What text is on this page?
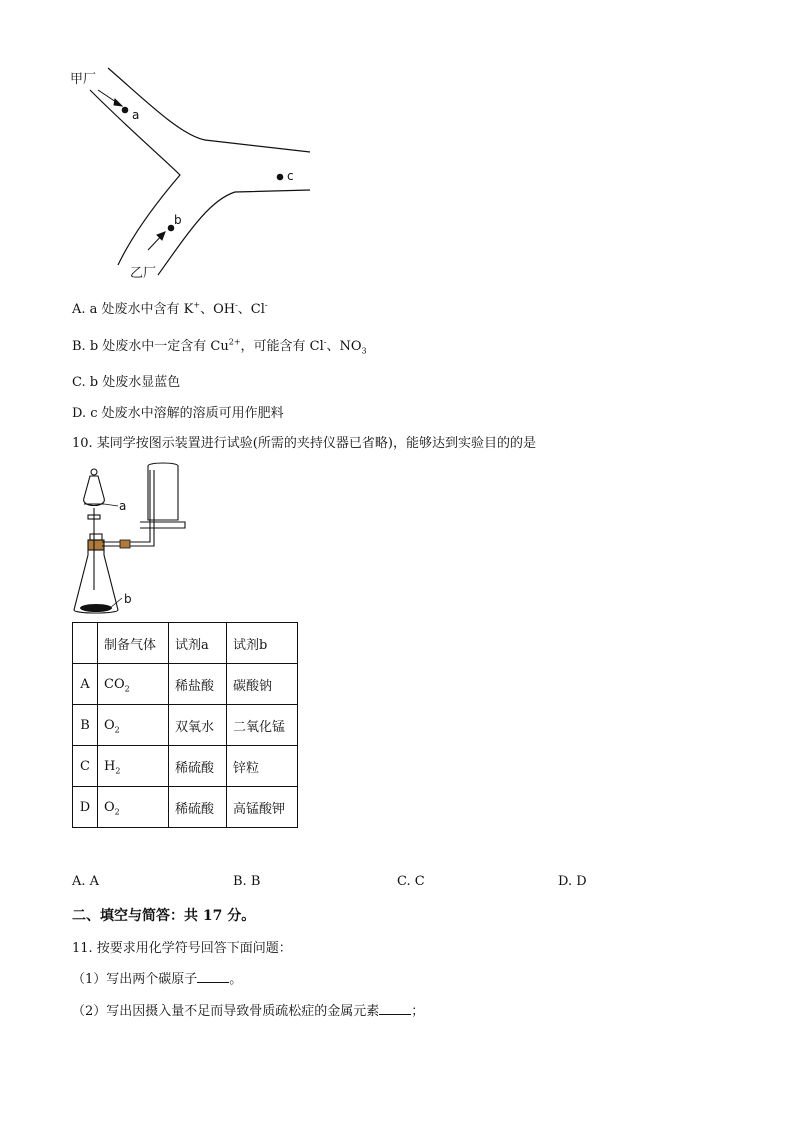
甲厂
乙厂
a
b
c
A. a 处废水中含有 K+、OH-、Cl-
B. b 处废水中一定含有 $Cu^{2+}$，可能含有 Cl-、$NO_3$
C. b 处废水显蓝色
D. c 处废水中溶解的溶质可用作肥料
10. 某同学按图示装置进行试验(所需的夹持仪器已省略)，能够达到实验目的的是
a
b
	制备气体	试剂a	试剂b
A	$CO_2$	稀盐酸	碳酸钠
B	$O_2$	双氧水	二氧化锰
C	$H_2$	稀硫酸	锌粒
D	$O_2$	稀硫酸	高锰酸钾
A. A	B. B	C. C	D. D
二、填空与简答：共 17 分。
11. 按要求用化学符号回答下面问题：
（1）写出两个碳原子 。
（2）写出因摄入量不足而导致骨质疏松症的金属元素 ；
